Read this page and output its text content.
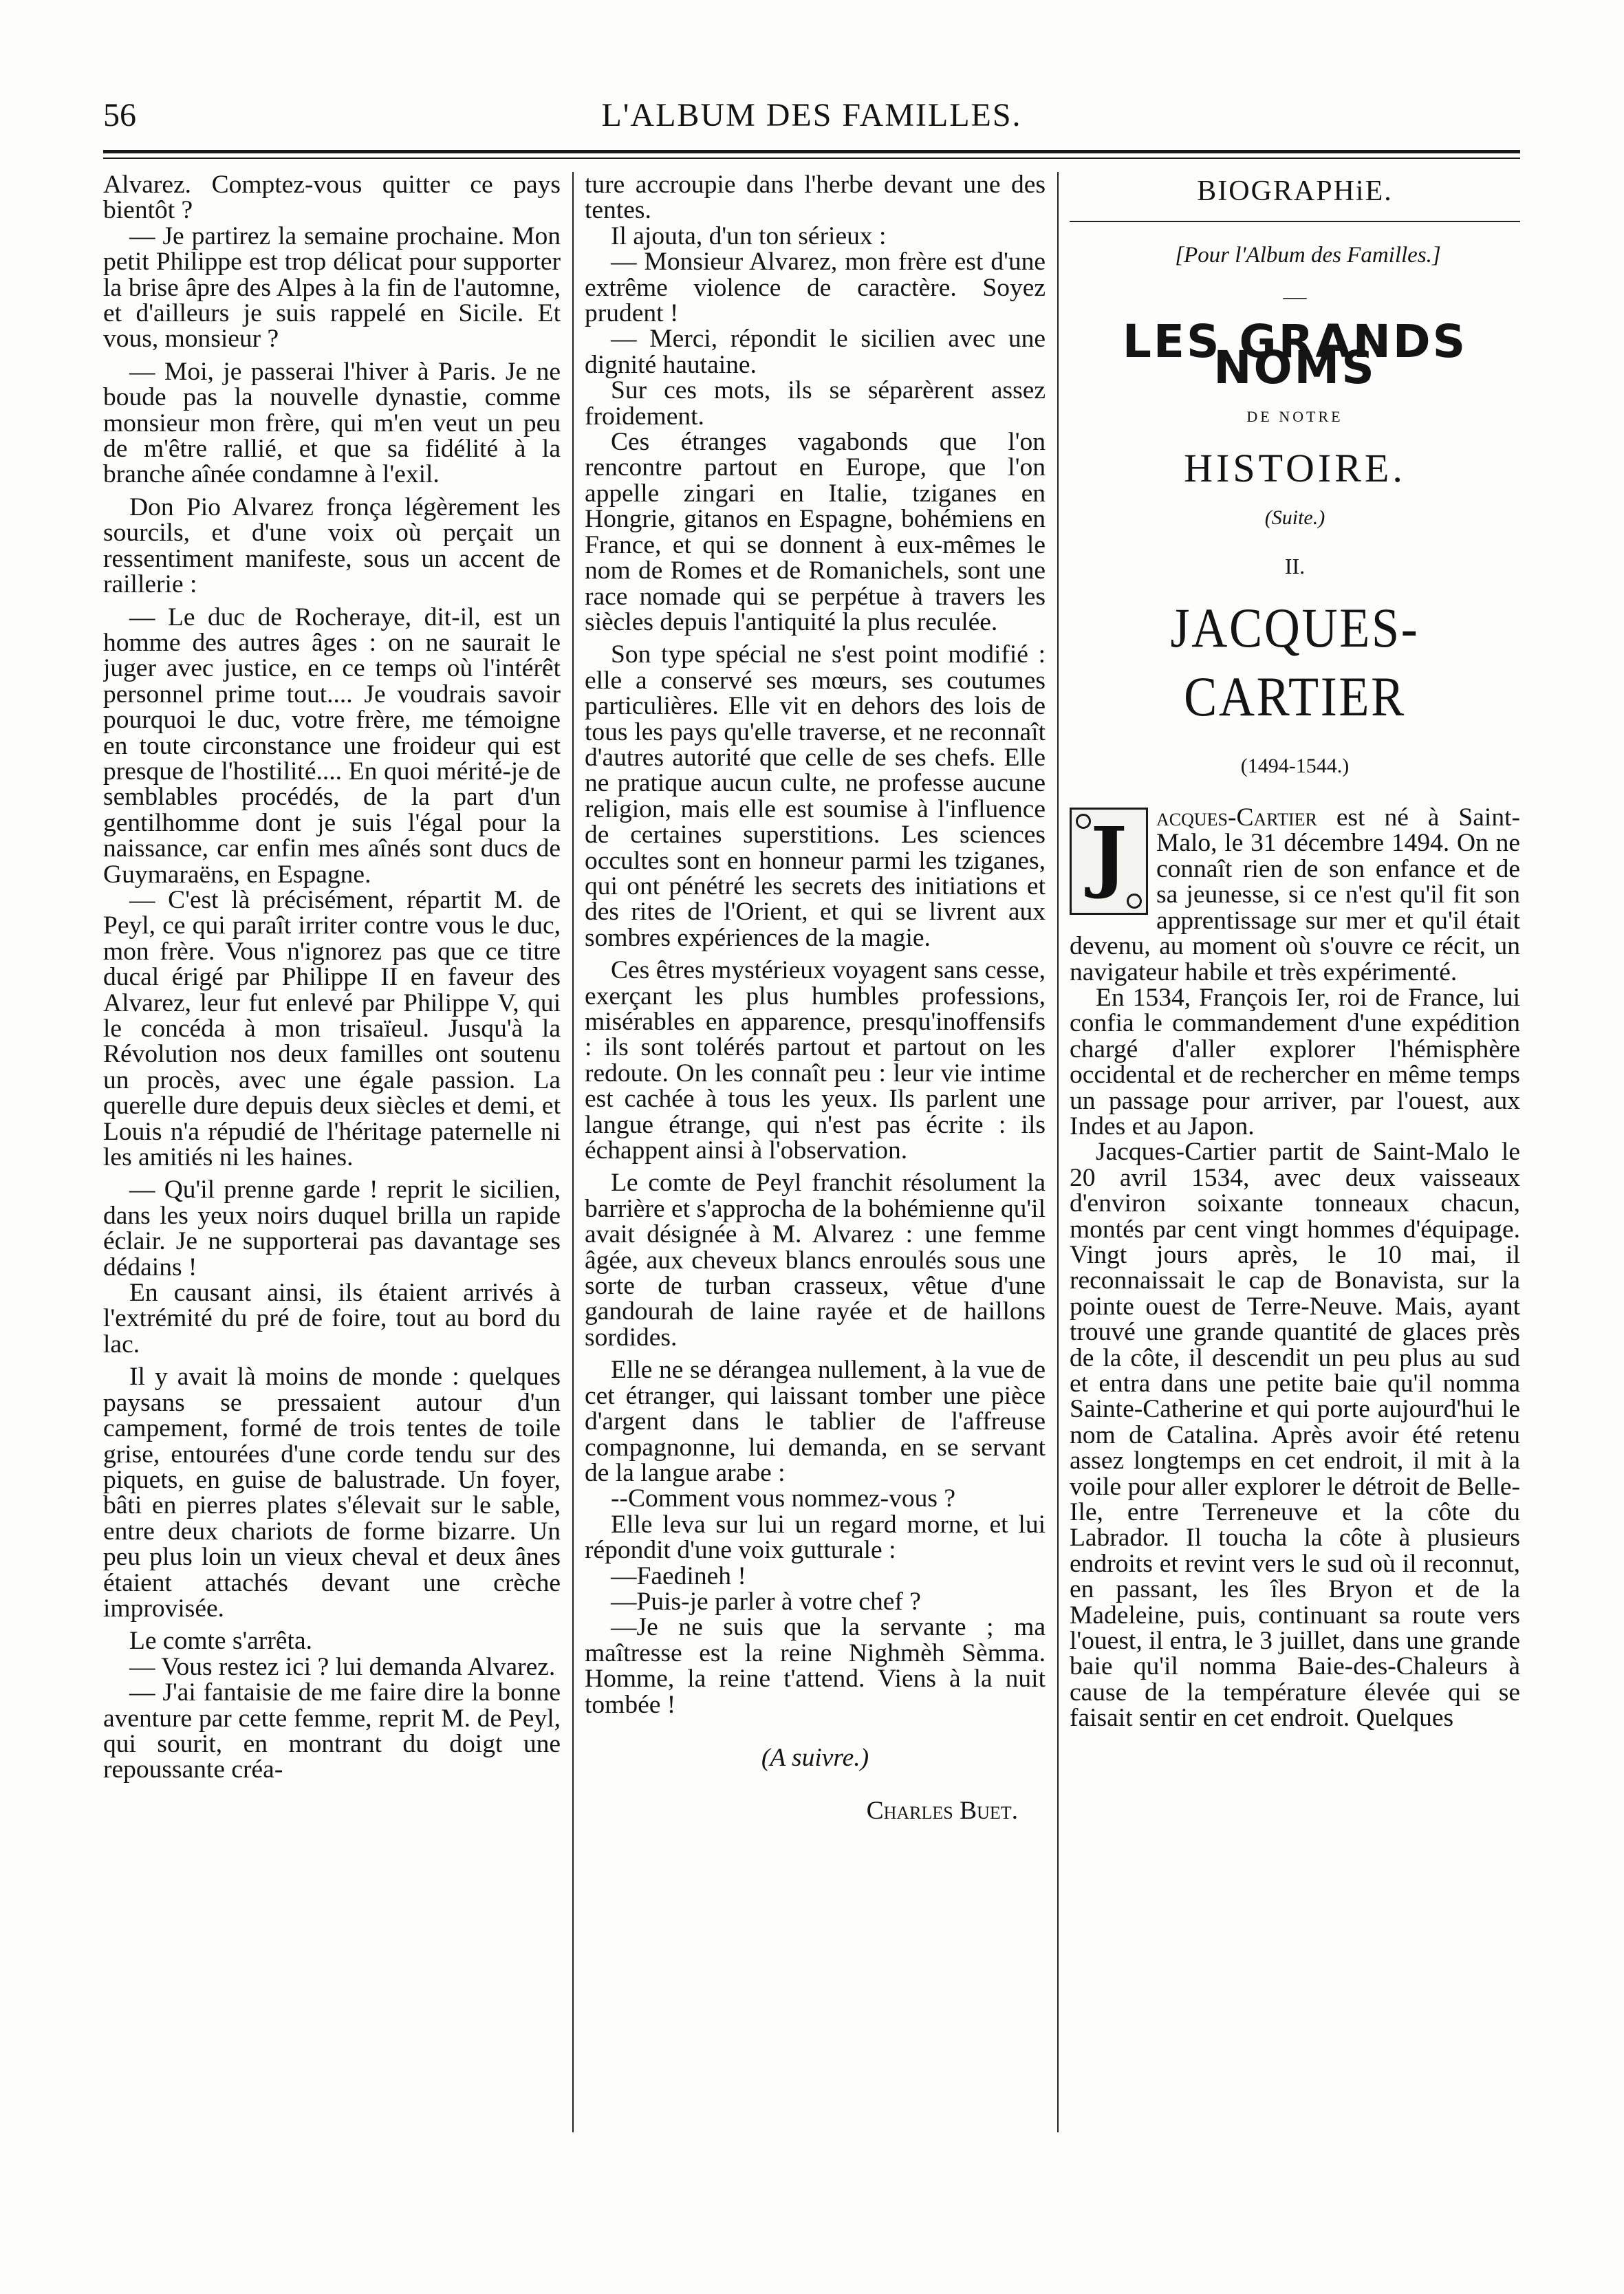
56	L'ALBUM DES FAMILLES.

Alvarez. Comptez-vous quitter ce pays bientôt ?

— Je partirez la semaine prochaine. Mon petit Philippe est trop délicat pour supporter la brise âpre des Alpes à la fin de l'automne, et d'ailleurs je suis rappelé en Sicile. Et vous, monsieur ?

— Moi, je passerai l'hiver à Paris. Je ne boude pas la nouvelle dynastie, comme monsieur mon frère, qui m'en veut un peu de m'être rallié, et que sa fidélité à la branche aînée condamne à l'exil.

Don Pio Alvarez fronça légèrement les sourcils, et d'une voix où perçait un ressentiment manifeste, sous un accent de raillerie :

— Le duc de Rocheraye, dit-il, est un homme des autres âges : on ne saurait le juger avec justice, en ce temps où l'intérêt personnel prime tout.... Je voudrais savoir pourquoi le duc, votre frère, me témoigne en toute circonstance une froideur qui est presque de l'hostilité.... En quoi mérité-je de semblables procédés, de la part d'un gentilhomme dont je suis l'égal pour la naissance, car enfin mes aînés sont ducs de Guymaraëns, en Espagne.

— C'est là précisément, répartit M. de Peyl, ce qui paraît irriter contre vous le duc, mon frère. Vous n'ignorez pas que ce titre ducal érigé par Philippe II en faveur des Alvarez, leur fut enlevé par Philippe V, qui le concéda à mon trisaïeul. Jusqu'à la Révolution nos deux familles ont soutenu un procès, avec une égale passion. La querelle dure depuis deux siècles et demi, et Louis n'a répudié de l'héritage paternelle ni les amitiés ni les haines.

— Qu'il prenne garde ! reprit le sicilien, dans les yeux noirs duquel brilla un rapide éclair. Je ne supporterai pas davantage ses dédains !

En causant ainsi, ils étaient arrivés à l'extrémité du pré de foire, tout au bord du lac.

Il y avait là moins de monde : quelques paysans se pressaient autour d'un campement, formé de trois tentes de toile grise, entourées d'une corde tendu sur des piquets, en guise de balustrade. Un foyer, bâti en pierres plates s'élevait sur le sable, entre deux chariots de forme bizarre. Un peu plus loin un vieux cheval et deux ânes étaient attachés devant une crèche improvisée.

Le comte s'arrêta.

— Vous restez ici ? lui demanda Alvarez.

— J'ai fantaisie de me faire dire la bonne aventure par cette femme, reprit M. de Peyl, qui sourit, en montrant du doigt une repoussante créa-

ture accroupie dans l'herbe devant une des tentes.

Il ajouta, d'un ton sérieux :

— Monsieur Alvarez, mon frère est d'une extrême violence de caractère. Soyez prudent !

— Merci, répondit le sicilien avec une dignité hautaine.

Sur ces mots, ils se séparèrent assez froidement.

Ces étranges vagabonds que l'on rencontre partout en Europe, que l'on appelle zingari en Italie, tziganes en Hongrie, gitanos en Espagne, bohémiens en France, et qui se donnent à eux-mêmes le nom de Romes et de Romanichels, sont une race nomade qui se perpétue à travers les siècles depuis l'antiquité la plus reculée.

Son type spécial ne s'est point modifié : elle a conservé ses mœurs, ses coutumes particulières. Elle vit en dehors des lois de tous les pays qu'elle traverse, et ne reconnaît d'autres autorité que celle de ses chefs. Elle ne pratique aucun culte, ne professe aucune religion, mais elle est soumise à l'influence de certaines superstitions. Les sciences occultes sont en honneur parmi les tziganes, qui ont pénétré les secrets des initiations et des rites de l'Orient, et qui se livrent aux sombres expériences de la magie.

Ces êtres mystérieux voyagent sans cesse, exerçant les plus humbles professions, misérables en apparence, presqu'inoffensifs : ils sont tolérés partout et partout on les redoute. On les connaît peu : leur vie intime est cachée à tous les yeux. Ils parlent une langue étrange, qui n'est pas écrite : ils échappent ainsi à l'observation.

Le comte de Peyl franchit résolument la barrière et s'approcha de la bohémienne qu'il avait désignée à M. Alvarez : une femme âgée, aux cheveux blancs enroulés sous une sorte de turban crasseux, vêtue d'une gandourah de laine rayée et de haillons sordides.

Elle ne se dérangea nullement, à la vue de cet étranger, qui laissant tomber une pièce d'argent dans le tablier de l'affreuse compagnonne, lui demanda, en se servant de la langue arabe :

--Comment vous nommez-vous ?

Elle leva sur lui un regard morne, et lui répondit d'une voix gutturale :

—Faedineh !

—Puis-je parler à votre chef ?

—Je ne suis que la servante ; ma maîtresse est la reine Nighmèh Sèmma. Homme, la reine t'attend. Viens à la nuit tombée !

(A suivre.)

Charles Buet.

BIOGRAPHiE.

[Pour l'Album des Familles.]

—
LES GRANDS NOMS
DE NOTRE
HISTOIRE.
(Suite.)
II.
JACQUES-CARTIER
(1494-1544.)

J	acques-Cartier est né à Saint-Malo, le 31 décembre 1494. On ne connaît rien de son enfance et de sa jeunesse, si ce n'est qu'il fit son apprentissage sur mer et qu'il était devenu, au moment où s'ouvre ce récit, un navigateur habile et très expérimenté.

En 1534, François Ier, roi de France, lui confia le commandement d'une expédition chargé d'aller explorer l'hémisphère occidental et de rechercher en même temps un passage pour arriver, par l'ouest, aux Indes et au Japon.

Jacques-Cartier partit de Saint-Malo le 20 avril 1534, avec deux vaisseaux d'environ soixante tonneaux chacun, montés par cent vingt hommes d'équipage. Vingt jours après, le 10 mai, il reconnaissait le cap de Bonavista, sur la pointe ouest de Terre-Neuve. Mais, ayant trouvé une grande quantité de glaces près de la côte, il descendit un peu plus au sud et entra dans une petite baie qu'il nomma Sainte-Catherine et qui porte aujourd'hui le nom de Catalina. Après avoir été retenu assez longtemps en cet endroit, il mit à la voile pour aller explorer le détroit de Belle-Ile, entre Terreneuve et la côte du Labrador. Il toucha la côte à plusieurs endroits et revint vers le sud où il reconnut, en passant, les îles Bryon et de la Madeleine, puis, continuant sa route vers l'ouest, il entra, le 3 juillet, dans une grande baie qu'il nomma Baie-des-Chaleurs à cause de la température élevée qui se faisait sentir en cet endroit. Quelques
